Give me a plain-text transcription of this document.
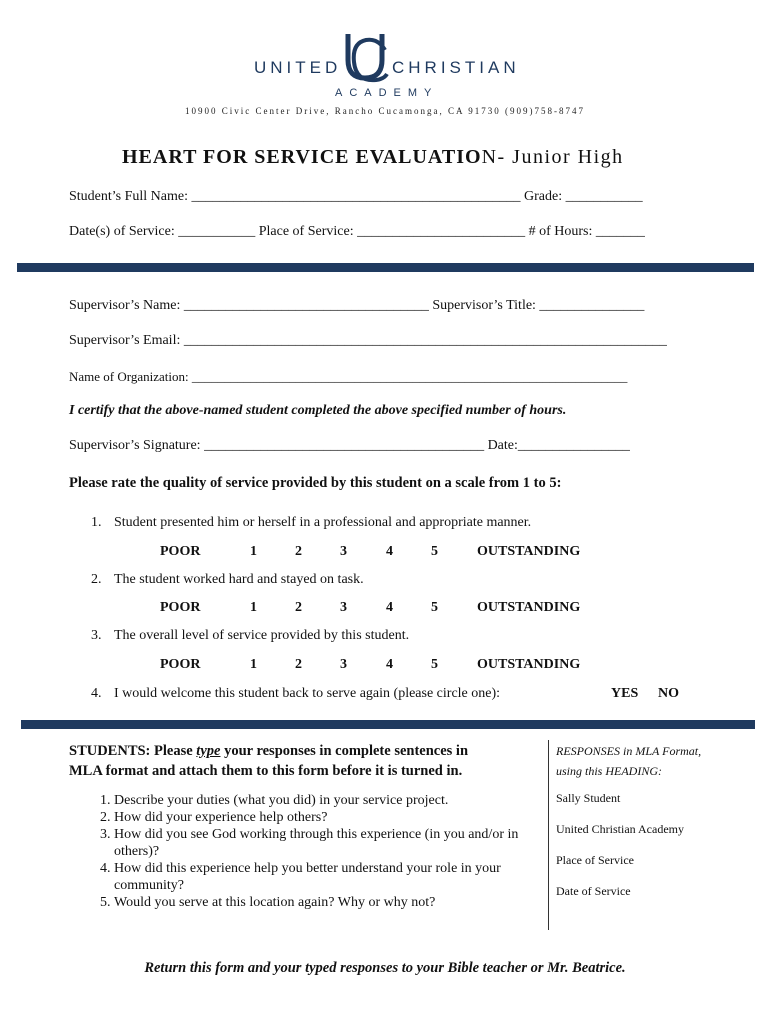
UNITED	CHRISTIAN
ACADEMY
10900 Civic Center Drive, Rancho Cucamonga, CA 91730 (909)758-8747
HEART FOR SERVICE EVALUATION- Junior High
Student’s Full Name: _______________________________________________ Grade: ___________
Date(s) of Service: ___________ Place of Service: ________________________ # of Hours: _______
Supervisor’s Name: ___________________________________ Supervisor’s Title: _______________
Supervisor’s Email: _____________________________________________________________________
Name of Organization: ___________________________________________________________________
I certify that the above-named student completed the above specified number of hours.
Supervisor’s Signature: ________________________________________ Date:________________
Please rate the quality of service provided by this student on a scale from 1 to 5:
1. Student presented him or herself in a professional and appropriate manner.
POOR	1	2	3	4	5	OUTSTANDING
2. The student worked hard and stayed on task.
POOR	1	2	3	4	5	OUTSTANDING
3. The overall level of service provided by this student.
POOR	1	2	3	4	5	OUTSTANDING
4. I would welcome this student back to serve again (please circle one):	YES NO
STUDENTS: Please type your responses in complete sentences in
MLA format and attach them to this form before it is turned in.
1. Describe your duties (what you did) in your service project.
2. How did your experience help others?
3. How did you see God working through this experience (in you and/or in others)?
4. How did this experience help you better understand your role in your community?
5. Would you serve at this location again? Why or why not?
RESPONSES in MLA Format,
using this HEADING:
Sally Student
United Christian Academy
Place of Service
Date of Service
Return this form and your typed responses to your Bible teacher or Mr. Beatrice.
